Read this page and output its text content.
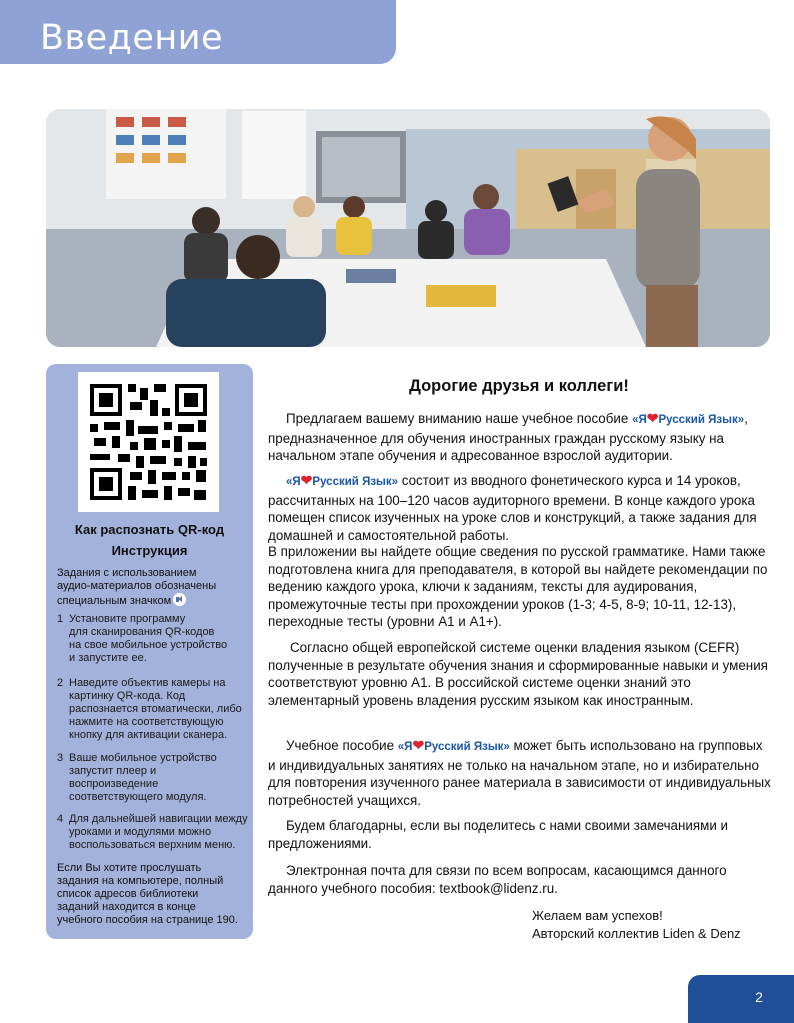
Введение
Как распознать QR-код
Инструкция
Задания с использованием
аудио-материалов обозначены
специальным значком
1 Установите программу
для сканирования QR-кодов
на свое мобильное устройство
и запустите ее.
2 Наведите объектив камеры на
картинку QR-кода. Код
распознается втоматически, либо
нажмите на соответствующую
кнопку для активации сканера.
3 Ваше мобильное устройство
запустит плеер и
воспроизведение
соответствующего модуля.
4 Для дальнейшей навигации между
уроками и модулями можно
воспользоваться верхним меню.
Если Вы хотите прослушать
задания на компьютере, полный
список адресов библиотеки
заданий находится в конце
учебного пособия на странице 190.
Дорогие друзья и коллеги!
Предлагаем вашему вниманию наше учебное пособие «Я❤Русский Язык», предназначенное для обучения иностранных граждан русскому языку на начальном этапе обучения и адресованное взрослой аудитории.
«Я❤Русский Язык» состоит из вводного фонетического курса и 14 уроков, рассчитанных на 100–120 часов аудиторного времени. В конце каждого урока помещен список изученных на уроке слов и конструкций, а также задания для домашней и самостоятельной работы.
В приложении вы найдете общие сведения по русской грамматике. Нами также подготовлена книга для преподавателя, в которой вы найдете рекомендации по ведению каждого урока, ключи к заданиям, тексты для аудирования, промежуточные тесты при прохождении уроков (1-3; 4-5, 8-9; 10-11, 12-13), переходные тесты (уровни А1 и А1+).
Согласно общей европейской системе оценки владения языком (CEFR) полученные в результате обучения знания и сформированные навыки и умения соответствуют уровню А1. В российской системе оценки знаний это элементарный уровень владения русским языком как иностранным.
Учебное пособие «Я❤Русский Язык» может быть использовано на групповых и индивидуальных занятиях не только на начальном этапе, но и избирательно для повторения изученного ранее материала в зависимости от индивидуальных потребностей учащихся.
Будем благодарны, если вы поделитесь с нами своими замечаниями и предложениями.
Электронная почта для связи по всем вопросам, касающимся данного данного учебного пособия: textbook@lidenz.ru.
Желаем вам успехов!
Авторский коллектив Liden & Denz
2
